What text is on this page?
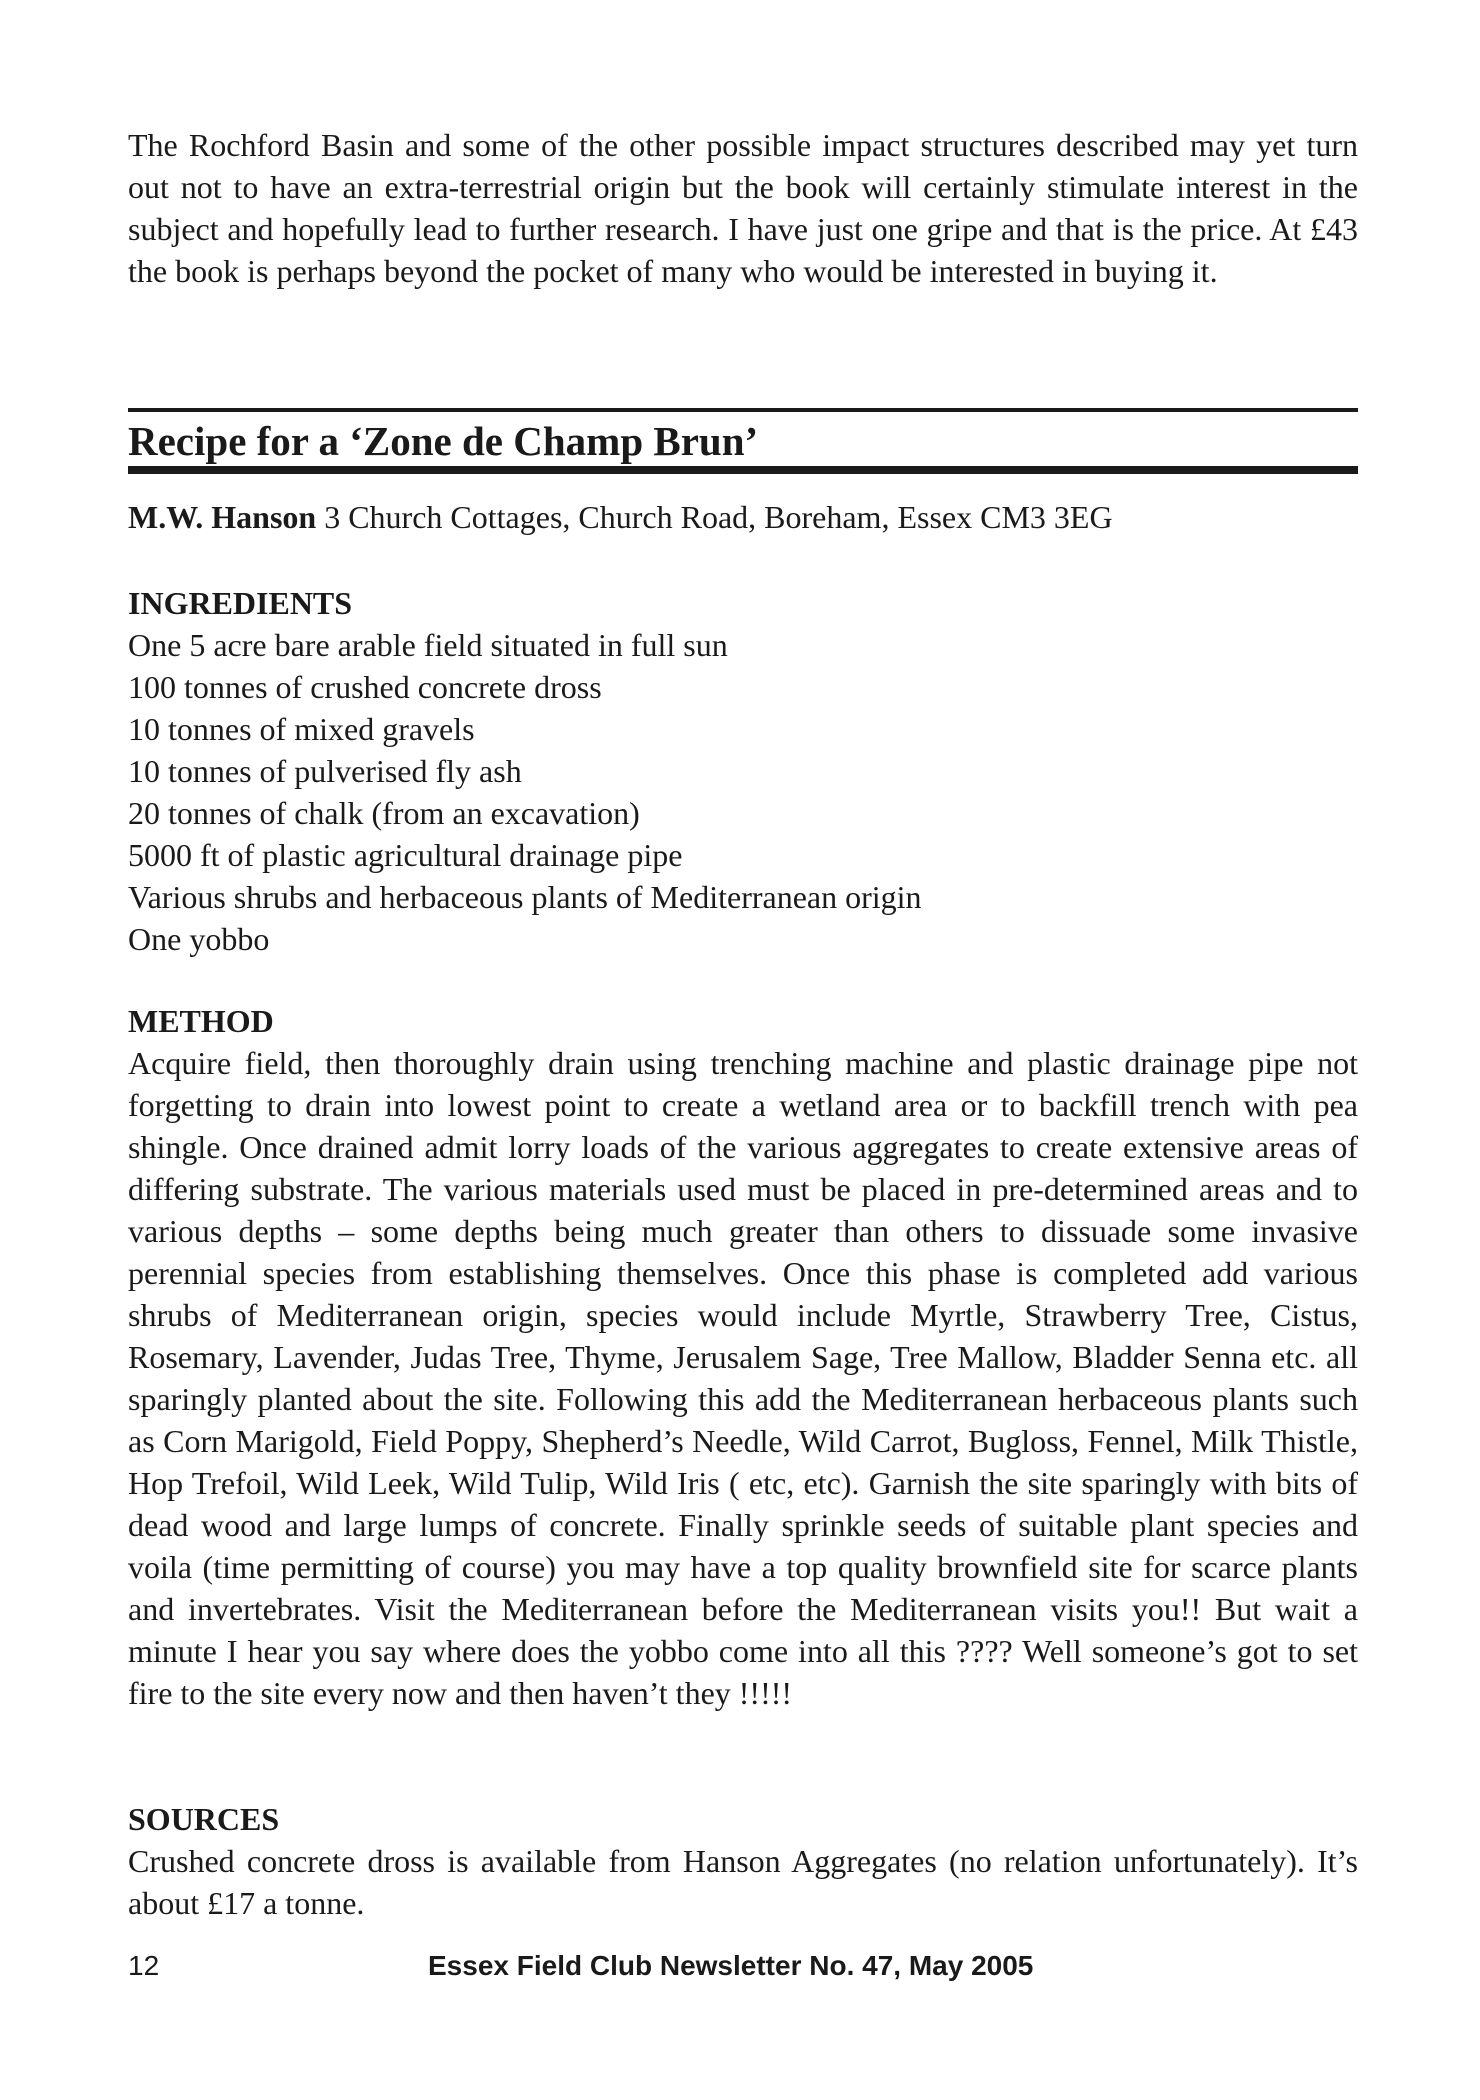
The Rochford Basin and some of the other possible impact structures described may yet turn out not to have an extra-terrestrial origin but the book will certainly stimulate interest in the subject and hopefully lead to further research. I have just one gripe and that is the price. At £43 the book is perhaps beyond the pocket of many who would be interested in buying it.

Recipe for a ‘Zone de Champ Brun’
M.W. Hanson 3 Church Cottages, Church Road, Boreham, Essex CM3 3EG
INGREDIENTS
One 5 acre bare arable field situated in full sun
100 tonnes of crushed concrete dross
10 tonnes of mixed gravels
10 tonnes of pulverised fly ash
20 tonnes of chalk (from an excavation)
5000 ft of plastic agricultural drainage pipe
Various shrubs and herbaceous plants of Mediterranean origin
One yobbo
METHOD

Acquire field, then thoroughly drain using trenching machine and plastic drainage pipe not forgetting to drain into lowest point to create a wetland area or to backfill trench with pea shingle. Once drained admit lorry loads of the various aggregates to create extensive areas of differing substrate. The various materials used must be placed in pre-determined areas and to various depths – some depths being much greater than others to dissuade some invasive perennial species from establishing themselves. Once this phase is completed add various shrubs of Mediterranean origin, species would include Myrtle, Strawberry Tree, Cistus, Rosemary, Lavender, Judas Tree, Thyme, Jerusalem Sage, Tree Mallow, Bladder Senna etc. all sparingly planted about the site. Following this add the Mediterranean herbaceous plants such as Corn Marigold, Field Poppy, Shepherd’s Needle, Wild Carrot, Bugloss, Fennel, Milk Thistle, Hop Trefoil, Wild Leek, Wild Tulip, Wild Iris ( etc, etc). Garnish the site sparingly with bits of dead wood and large lumps of concrete. Finally sprinkle seeds of suitable plant species and voila (time permitting of course) you may have a top quality brownfield site for scarce plants and invertebrates. Visit the Mediterranean before the Mediterranean visits you!! But wait a minute I hear you say where does the yobbo come into all this ???? Well someone’s got to set fire to the site every now and then haven’t they !!!!!

SOURCES

Crushed concrete dross is available from Hanson Aggregates (no relation unfortunately). It’s about £17 a tonne.

12	Essex Field Club Newsletter No. 47, May 2005
